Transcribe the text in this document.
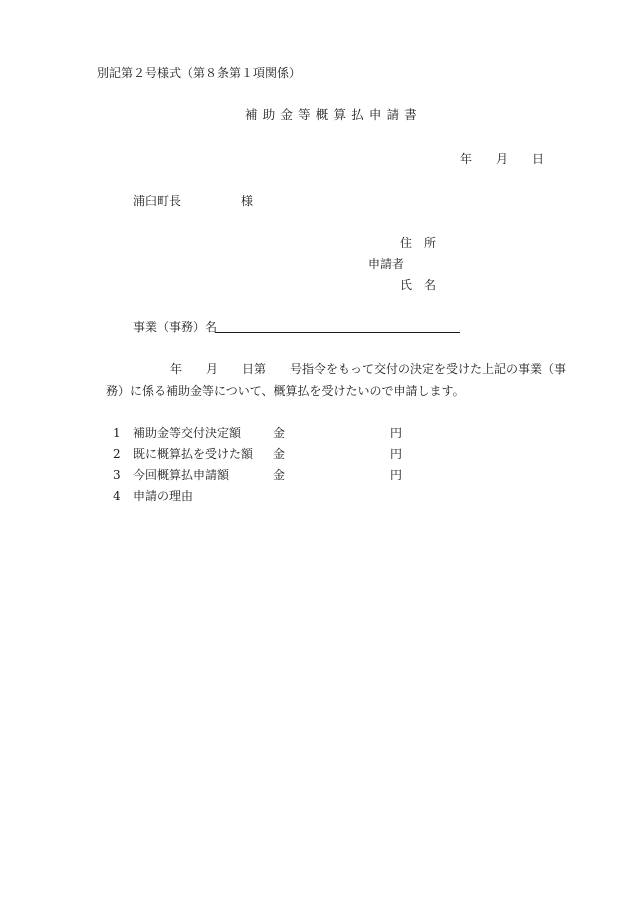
別記第２号様式（第８条第１項関係）
補助金等概算払申請書
年　　月　　日
浦臼町長　　　　　様
住　所
申請者
氏　名
事業（事務）名
年　　月　　日第　　号指令をもって交付の決定を受けた上記の事業（事
務）に係る補助金等について、概算払を受けたいので申請します。
1 補助金等交付決定額	金	円
2 既に概算払を受けた額 金	円
3 今回概算払申請額	金	円
4 申請の理由
